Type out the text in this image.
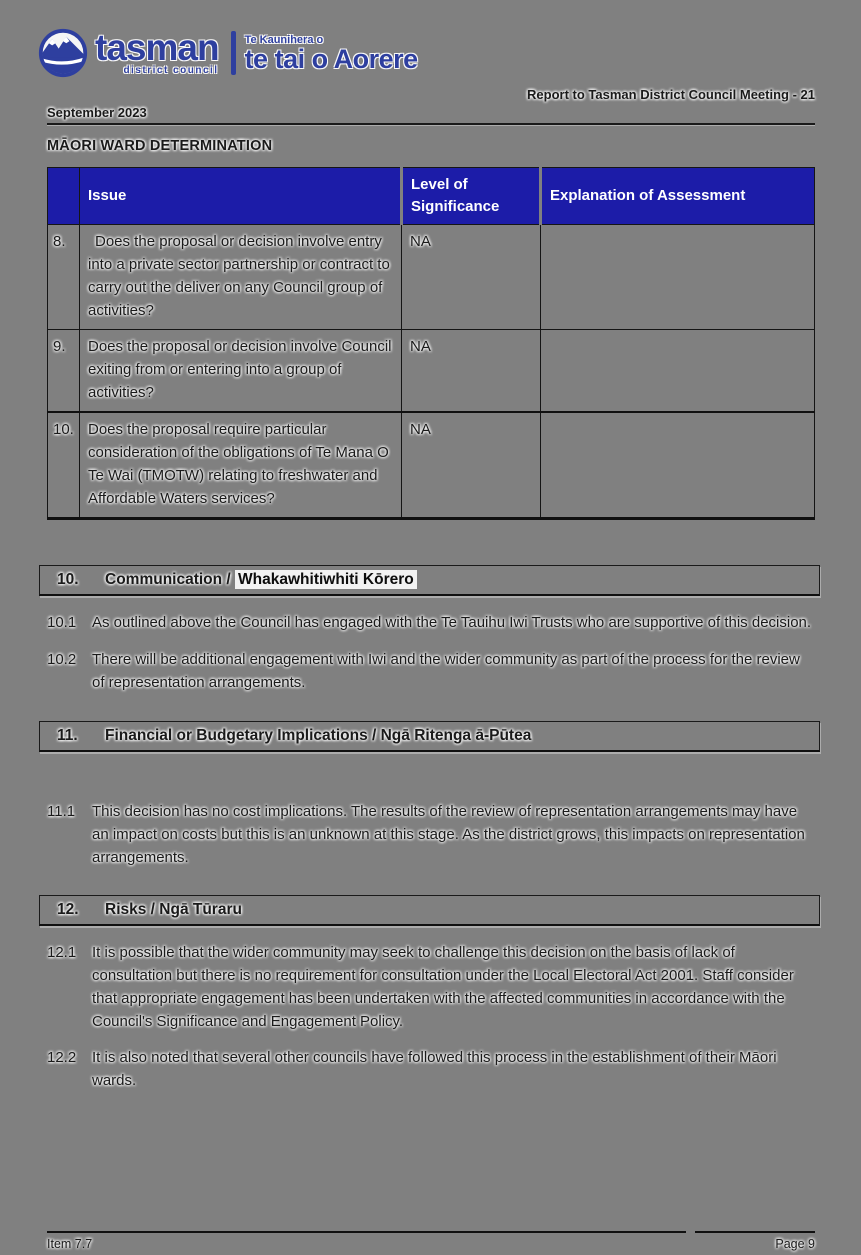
tasman
district council
Te Kaunihera o
te tai o Aorere
Report to Tasman District Council Meeting - 21
September 2023
MĀORI WARD DETERMINATION
	Issue	Level of Significance	Explanation of Assessment
8.	Does the proposal or decision involve entry into a private sector partnership or contract to carry out the deliver on any Council group of activities?	NA	
9.	Does the proposal or decision involve Council exiting from or entering into a group of activities?	NA	
10.	Does the proposal require particular consideration of the obligations of Te Mana O Te Wai (TMOTW) relating to freshwater and Affordable Waters services?	NA	
10.	Communication / Whakawhitiwhiti Kōrero
10.1	As outlined above the Council has engaged with the Te Tauihu Iwi Trusts who are supportive of this decision.
10.2	There will be additional engagement with Iwi and the wider community as part of the process for the review of representation arrangements.
11.	Financial or Budgetary Implications / Ngā Ritenga ā-Pūtea
11.1	This decision has no cost implications. The results of the review of representation arrangements may have an impact on costs but this is an unknown at this stage. As the district grows, this impacts on representation arrangements.
12.	Risks / Ngā Tūraru
12.1	It is possible that the wider community may seek to challenge this decision on the basis of lack of consultation but there is no requirement for consultation under the Local Electoral Act 2001. Staff consider that appropriate engagement has been undertaken with the affected communities in accordance with the Council's Significance and Engagement Policy.
12.2	It is also noted that several other councils have followed this process in the establishment of their Māori wards.
Item 7.7	Page 9
